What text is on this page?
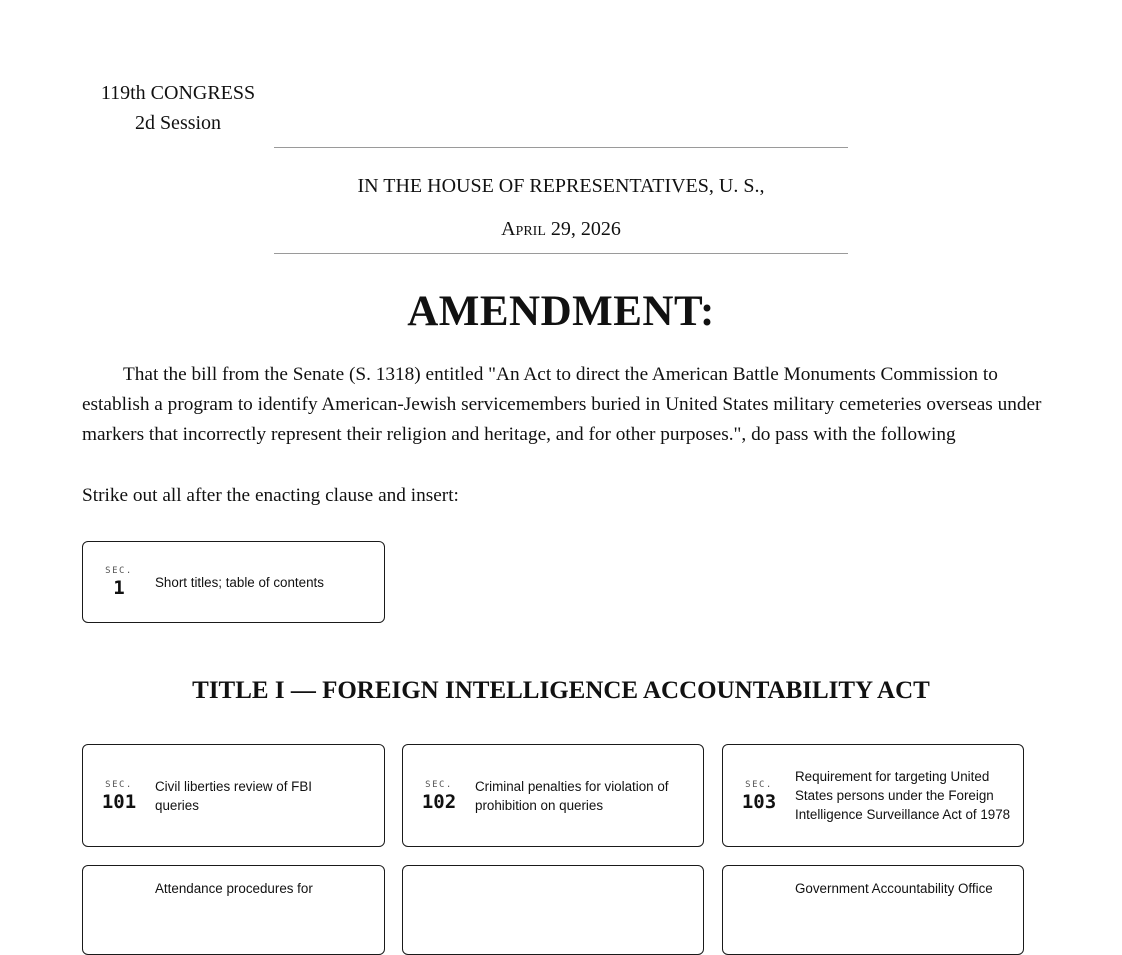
119th CONGRESS
2d Session
IN THE HOUSE OF REPRESENTATIVES, U. S.,
April 29, 2026
AMENDMENT:

That the bill from the Senate (S. 1318) entitled "An Act to direct the American Battle Monuments Commission to establish a program to identify American-Jewish servicemembers buried in United States military cemeteries overseas under markers that incorrectly represent their religion and heritage, and for other purposes.", do pass with the following

Strike out all after the enacting clause and insert:

SEC.
1 Short titles; table of contents
TITLE I — FOREIGN INTELLIGENCE ACCOUNTABILITY ACT
SEC.
101
Civil liberties review of FBI queries
SEC.
102
Criminal penalties for violation of prohibition on queries
SEC.
103
Requirement for targeting United States persons under the Foreign Intelligence Surveillance Act of 1978
Attendance procedures for	Government Accountability Office
